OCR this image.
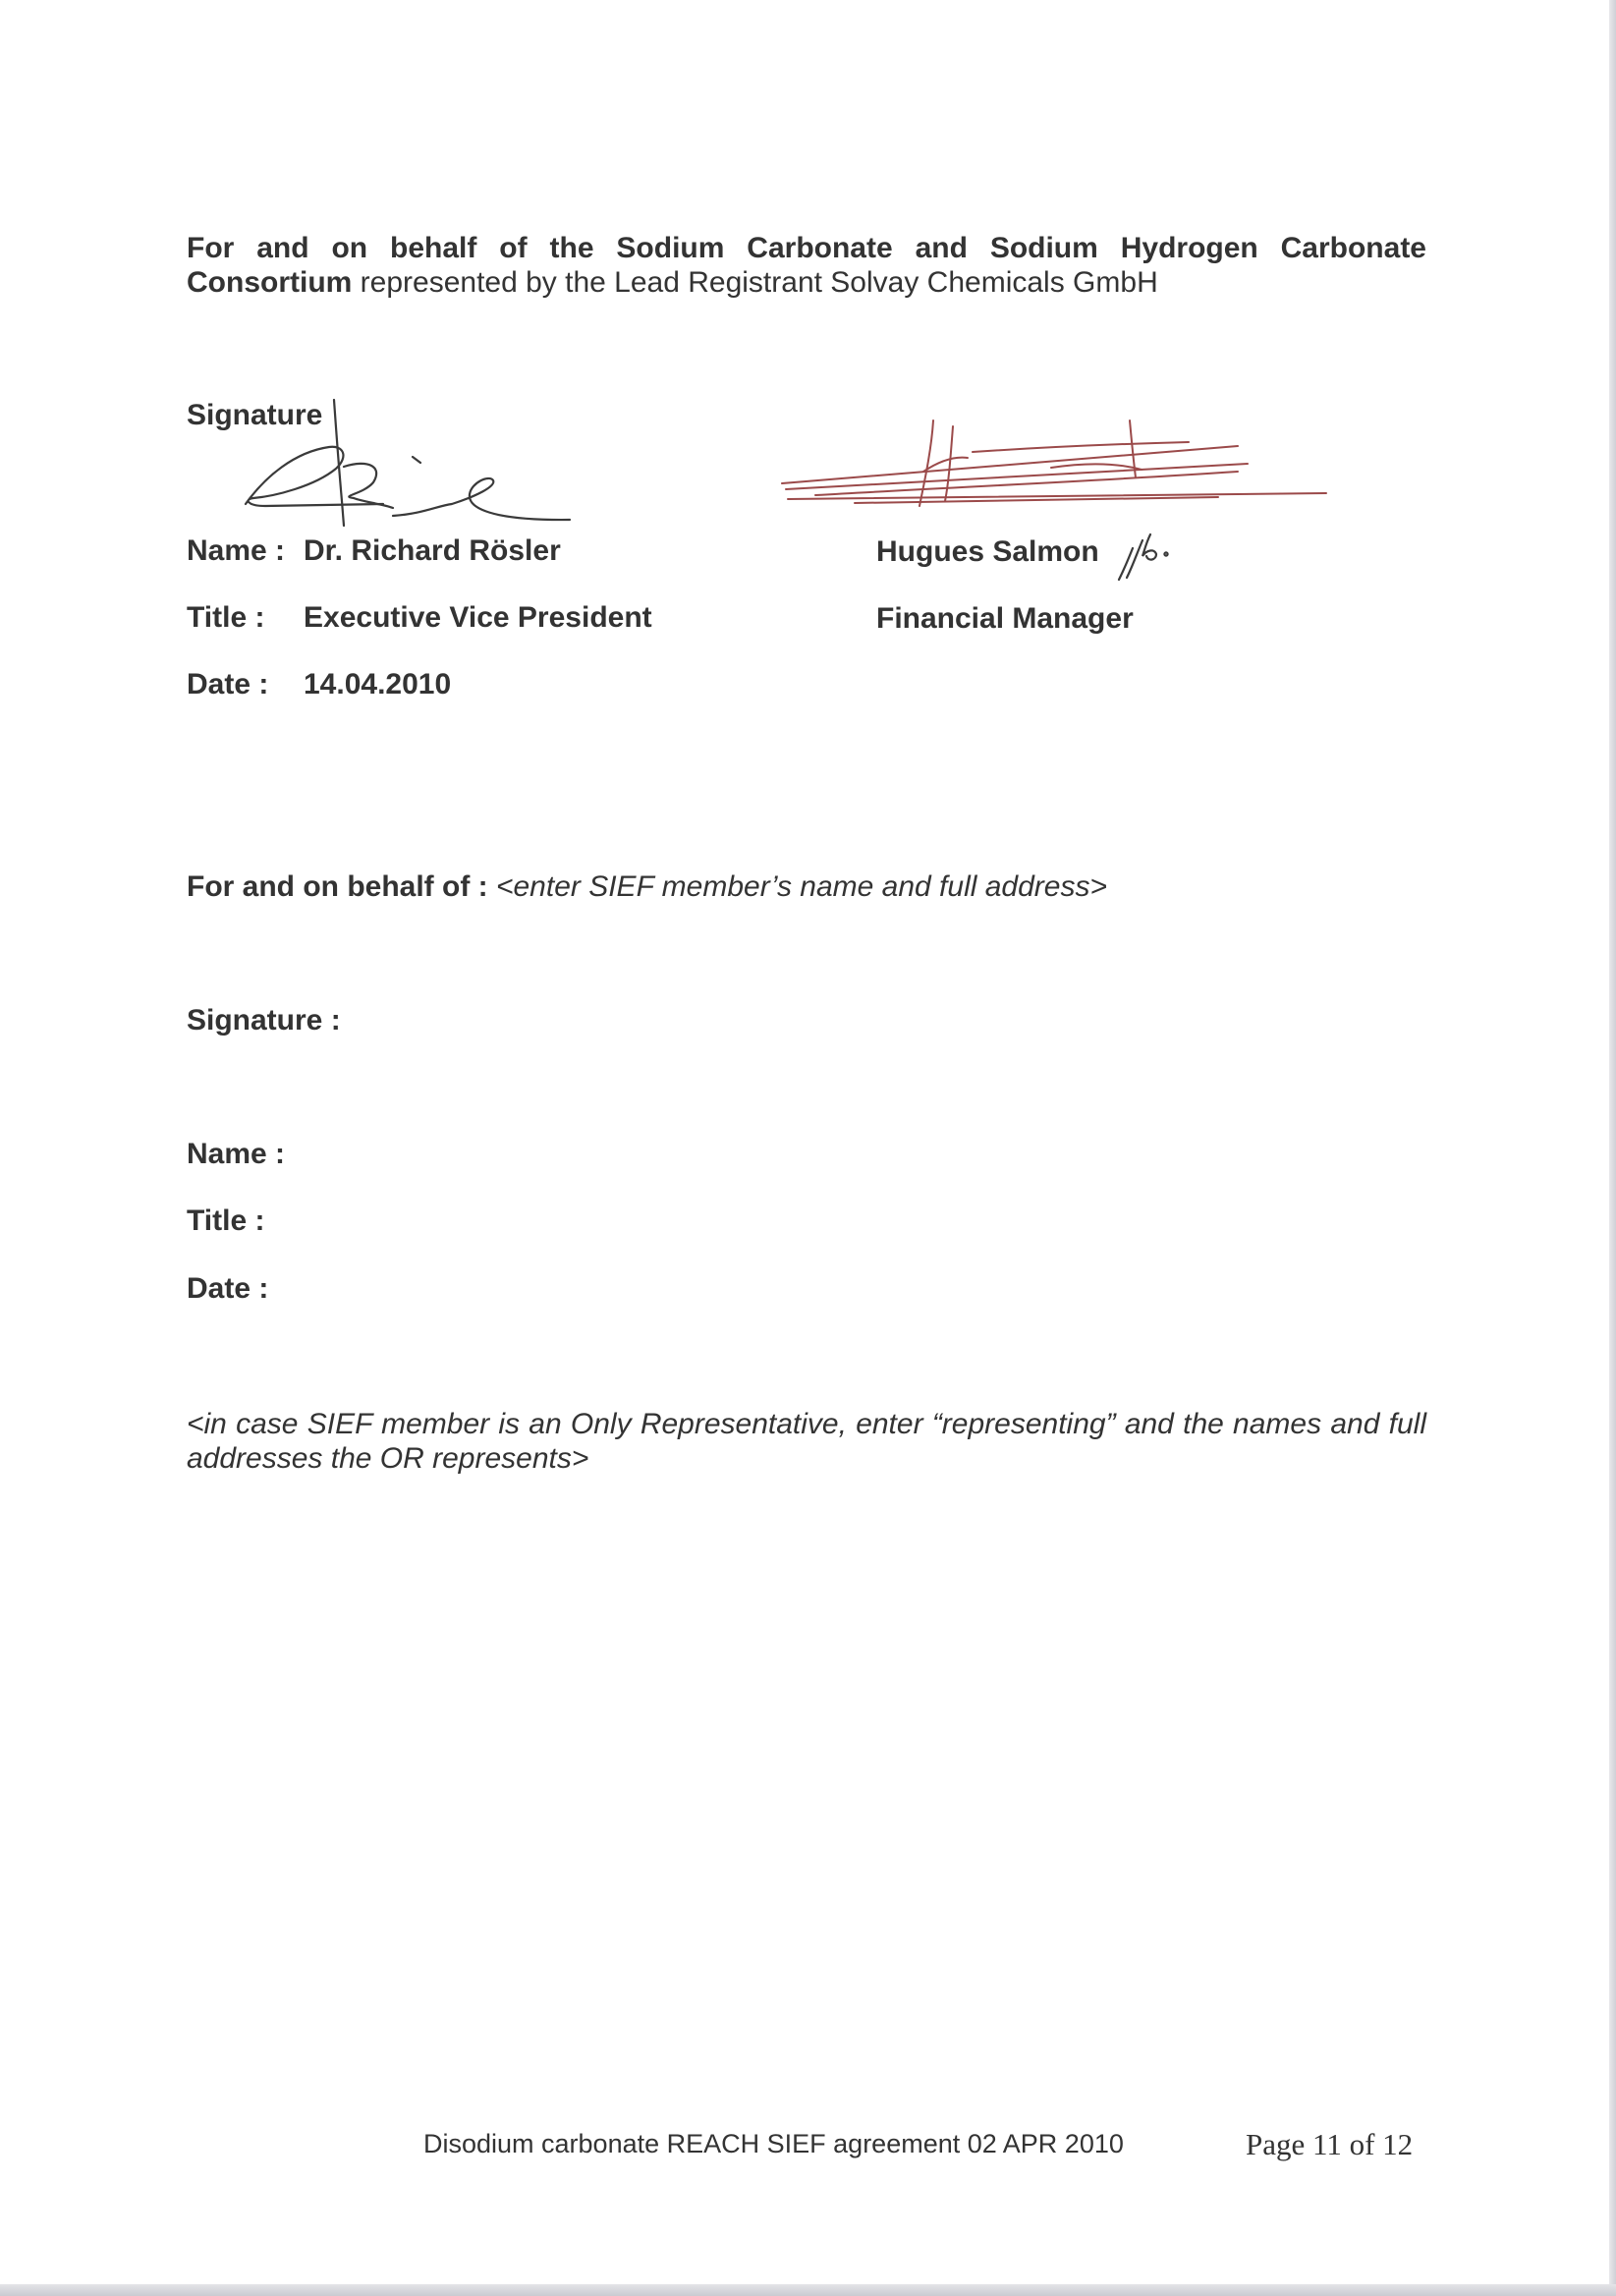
For and on behalf of the Sodium Carbonate and Sodium Hydrogen Carbonate Consortium represented by the Lead Registrant Solvay Chemicals GmbH
Signature
Name : Dr. Richard Rösler
Title : Executive Vice President
Date : 14.04.2010
Hugues Salmon
Financial Manager
For and on behalf of : <enter SIEF member’s name and full address>
Signature :
Name :
Title :
Date :
<in case SIEF member is an Only Representative, enter “representing” and the names and full addresses the OR represents>
Disodium carbonate REACH SIEF agreement 02 APR 2010	Page 11 of 12
